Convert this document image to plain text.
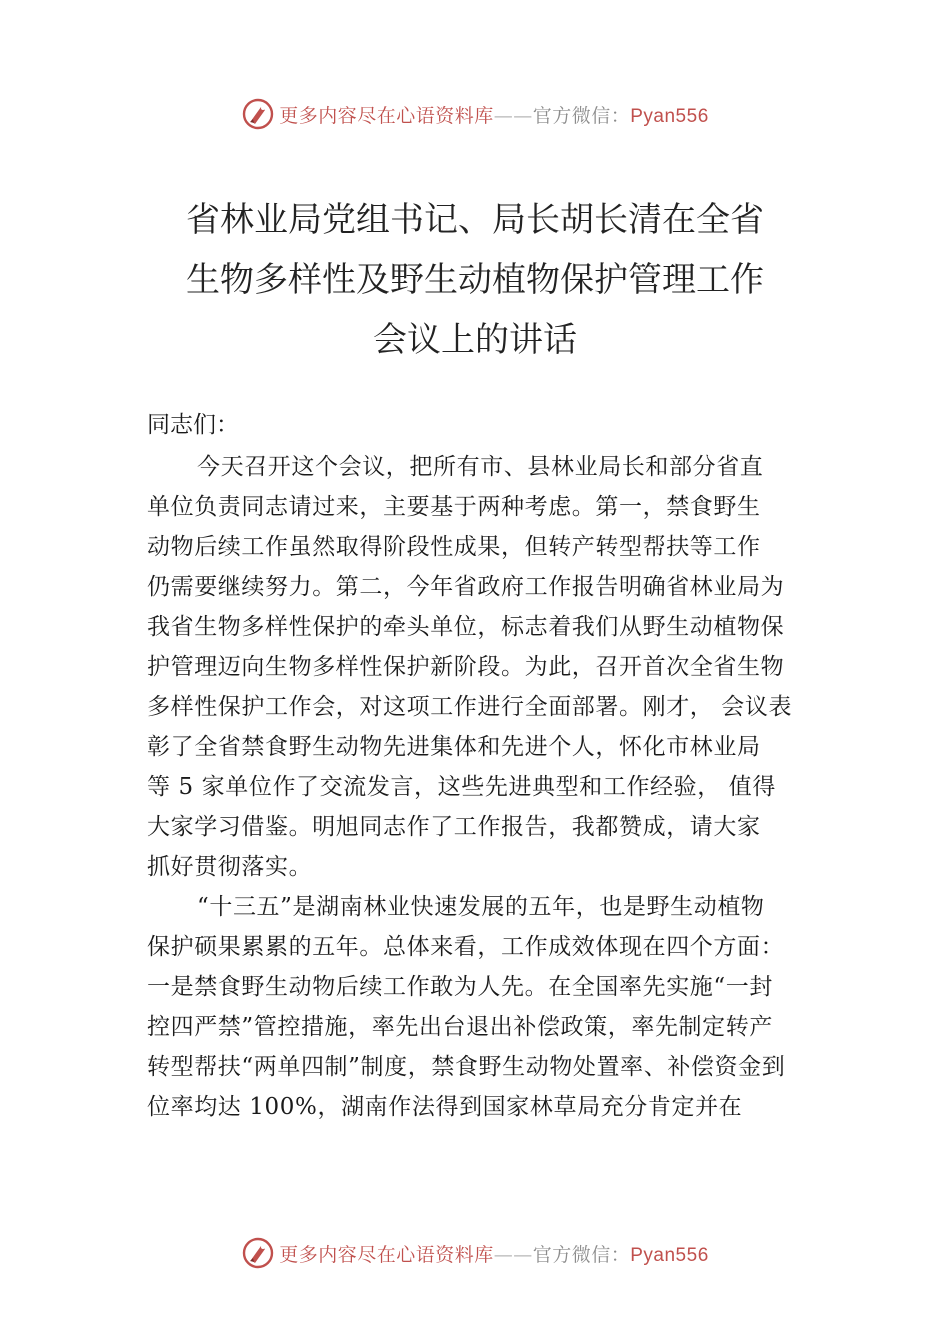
更多内容尽在心语资料库——官方微信：Pyan556
省林业局党组书记、局长胡长清在全省
生物多样性及野生动植物保护管理工作
会议上的讲话
同志们：
今天召开这个会议，把所有市、县林业局长和部分省直
单位负责同志请过来，主要基于两种考虑。第一，禁食野生
动物后续工作虽然取得阶段性成果，但转产转型帮扶等工作
仍需要继续努力。第二，今年省政府工作报告明确省林业局为
我省生物多样性保护的牵头单位，标志着我们从野生动植物保
护管理迈向生物多样性保护新阶段。为此，召开首次全省生物
多样性保护工作会，对这项工作进行全面部署。刚才， 会议表
彰了全省禁食野生动物先进集体和先进个人，怀化市林业局
等 5 家单位作了交流发言，这些先进典型和工作经验， 值得
大家学习借鉴。明旭同志作了工作报告，我都赞成，请大家
抓好贯彻落实。
“十三五”是湖南林业快速发展的五年，也是野生动植物
保护硕果累累的五年。总体来看，工作成效体现在四个方面：
一是禁食野生动物后续工作敢为人先。在全国率先实施“一封
控四严禁”管控措施，率先出台退出补偿政策，率先制定转产
转型帮扶“两单四制”制度，禁食野生动物处置率、补偿资金到
位率均达 100%，湖南作法得到国家林草局充分肯定并在
更多内容尽在心语资料库——官方微信：Pyan556
